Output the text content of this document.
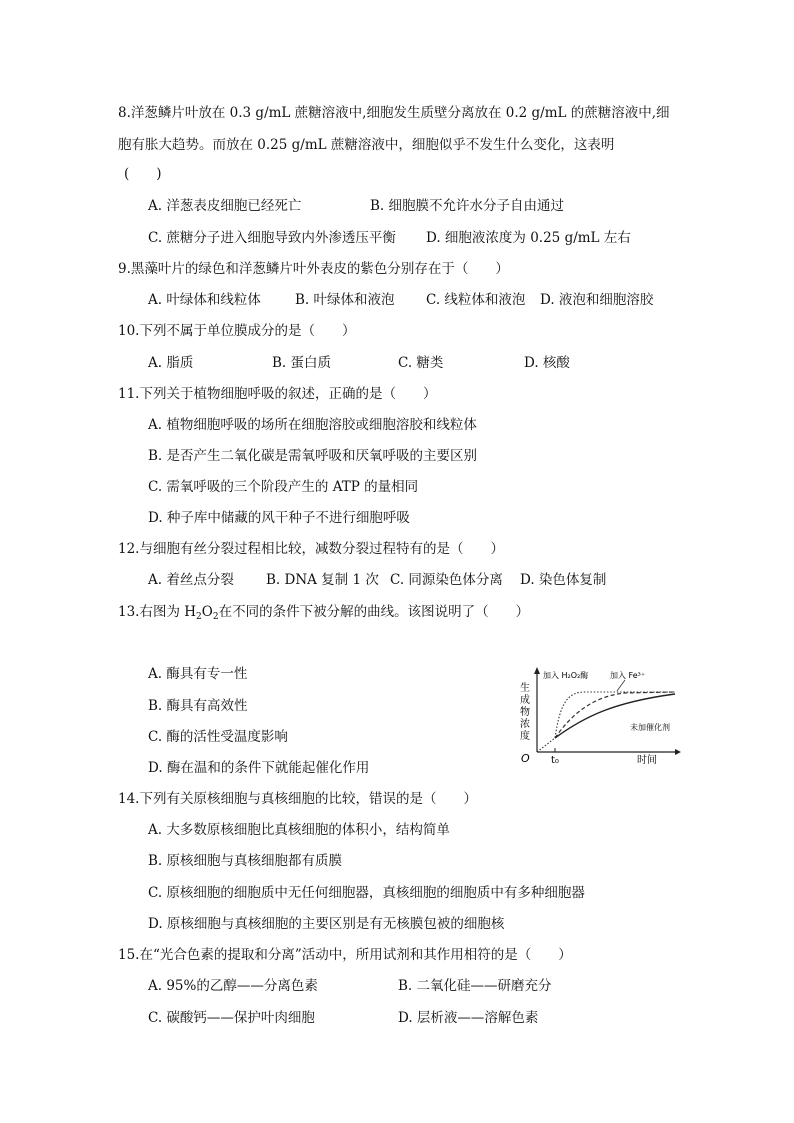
8.洋葱鳞片叶放在 0.3 g/mL 蔗糖溶液中,细胞发生质壁分离放在 0.2 g/mL 的蔗糖溶液中,细
胞有胀大趋势。而放在 0.25 g/mL 蔗糖溶液中，细胞似乎不发生什么变化，这表明
(　　)
A. 洋葱表皮细胞已经死亡	B. 细胞膜不允许水分子自由通过
C. 蔗糖分子进入细胞导致内外渗透压平衡 D. 细胞液浓度为 0.25 g/mL 左右
9.黑藻叶片的绿色和洋葱鳞片叶外表皮的紫色分别存在于（　　）
A. 叶绿体和线粒体	B. 叶绿体和液泡 C. 线粒体和液泡 D. 液泡和细胞溶胶
10.下列不属于单位膜成分的是（　　）
A. 脂质	B. 蛋白质	C. 糖类	D. 核酸
11.下列关于植物细胞呼吸的叙述，正确的是（　　）
A. 植物细胞呼吸的场所在细胞溶胶或细胞溶胶和线粒体
B. 是否产生二氧化碳是需氧呼吸和厌氧呼吸的主要区别
C. 需氧呼吸的三个阶段产生的 ATP 的量相同
D. 种子库中储藏的风干种子不进行细胞呼吸
12.与细胞有丝分裂过程相比较，减数分裂过程特有的是（　　）
A. 着丝点分裂 B. DNA 复制 1 次 C. 同源染色体分离 D. 染色体复制
13.右图为 $H_2O_2$在不同的条件下被分解的曲线。该图说明了（　　）
A. 酶具有专一性
B. 酶具有高效性
C. 酶的活性受温度影响
D. 酶在温和的条件下就能起催化作用
生
成
物
浓
度
O t₀	时间
加入 H₂O₂酶	加入 Fe³⁺
未加催化剂
14.下列有关原核细胞与真核细胞的比较，错误的是（　　）
A. 大多数原核细胞比真核细胞的体积小，结构简单
B. 原核细胞与真核细胞都有质膜
C. 原核细胞的细胞质中无任何细胞器，真核细胞的细胞质中有多种细胞器
D. 原核细胞与真核细胞的主要区别是有无核膜包被的细胞核
15.在“光合色素的提取和分离”活动中，所用试剂和其作用相符的是（　　）
A. 95%的乙醇——分离色素	B. 二氧化硅——研磨充分
C. 碳酸钙——保护叶肉细胞	D. 层析液——溶解色素
